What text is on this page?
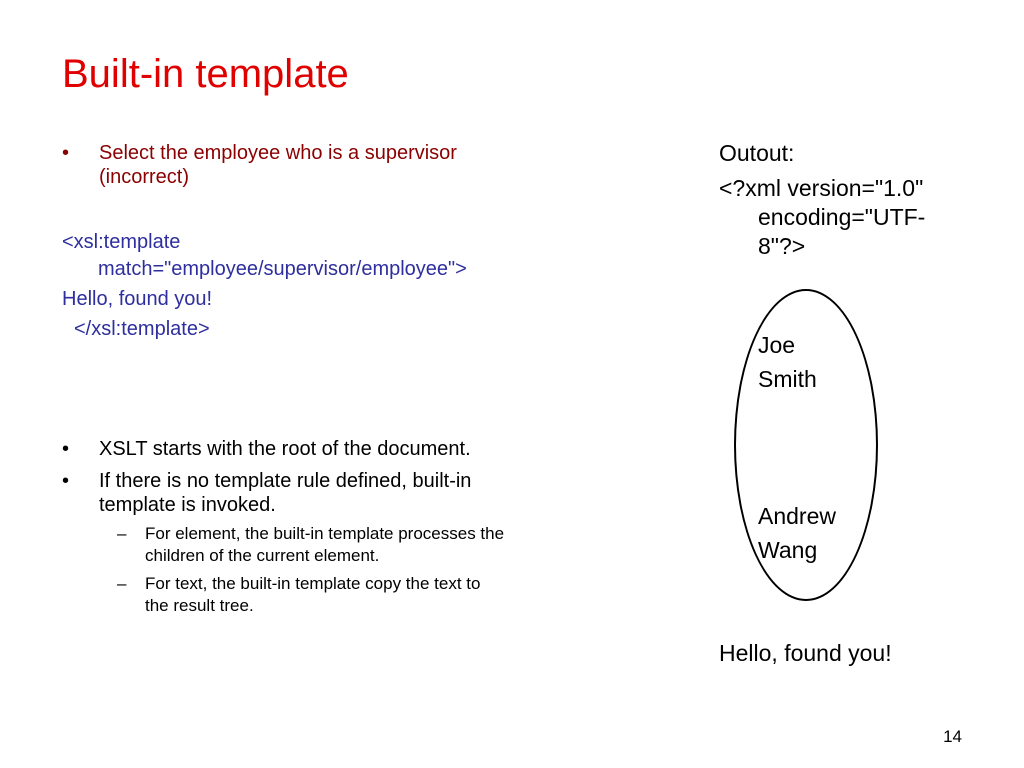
Built-in template
• Select the employee who is a supervisor
(incorrect)
<xsl:template
match="employee/supervisor/employee">
Hello, found you!
</xsl:template>
• XSLT starts with the root of the document.
• If there is no template rule defined, built-in
template is invoked.
– For element, the built-in template processes the
children of the current element.
– For text, the built-in template copy the text to
the result tree.
Outout:
<?xml version="1.0"
encoding="UTF-
8"?>
Joe
Smith
Andrew
Wang
Hello, found you!
14
